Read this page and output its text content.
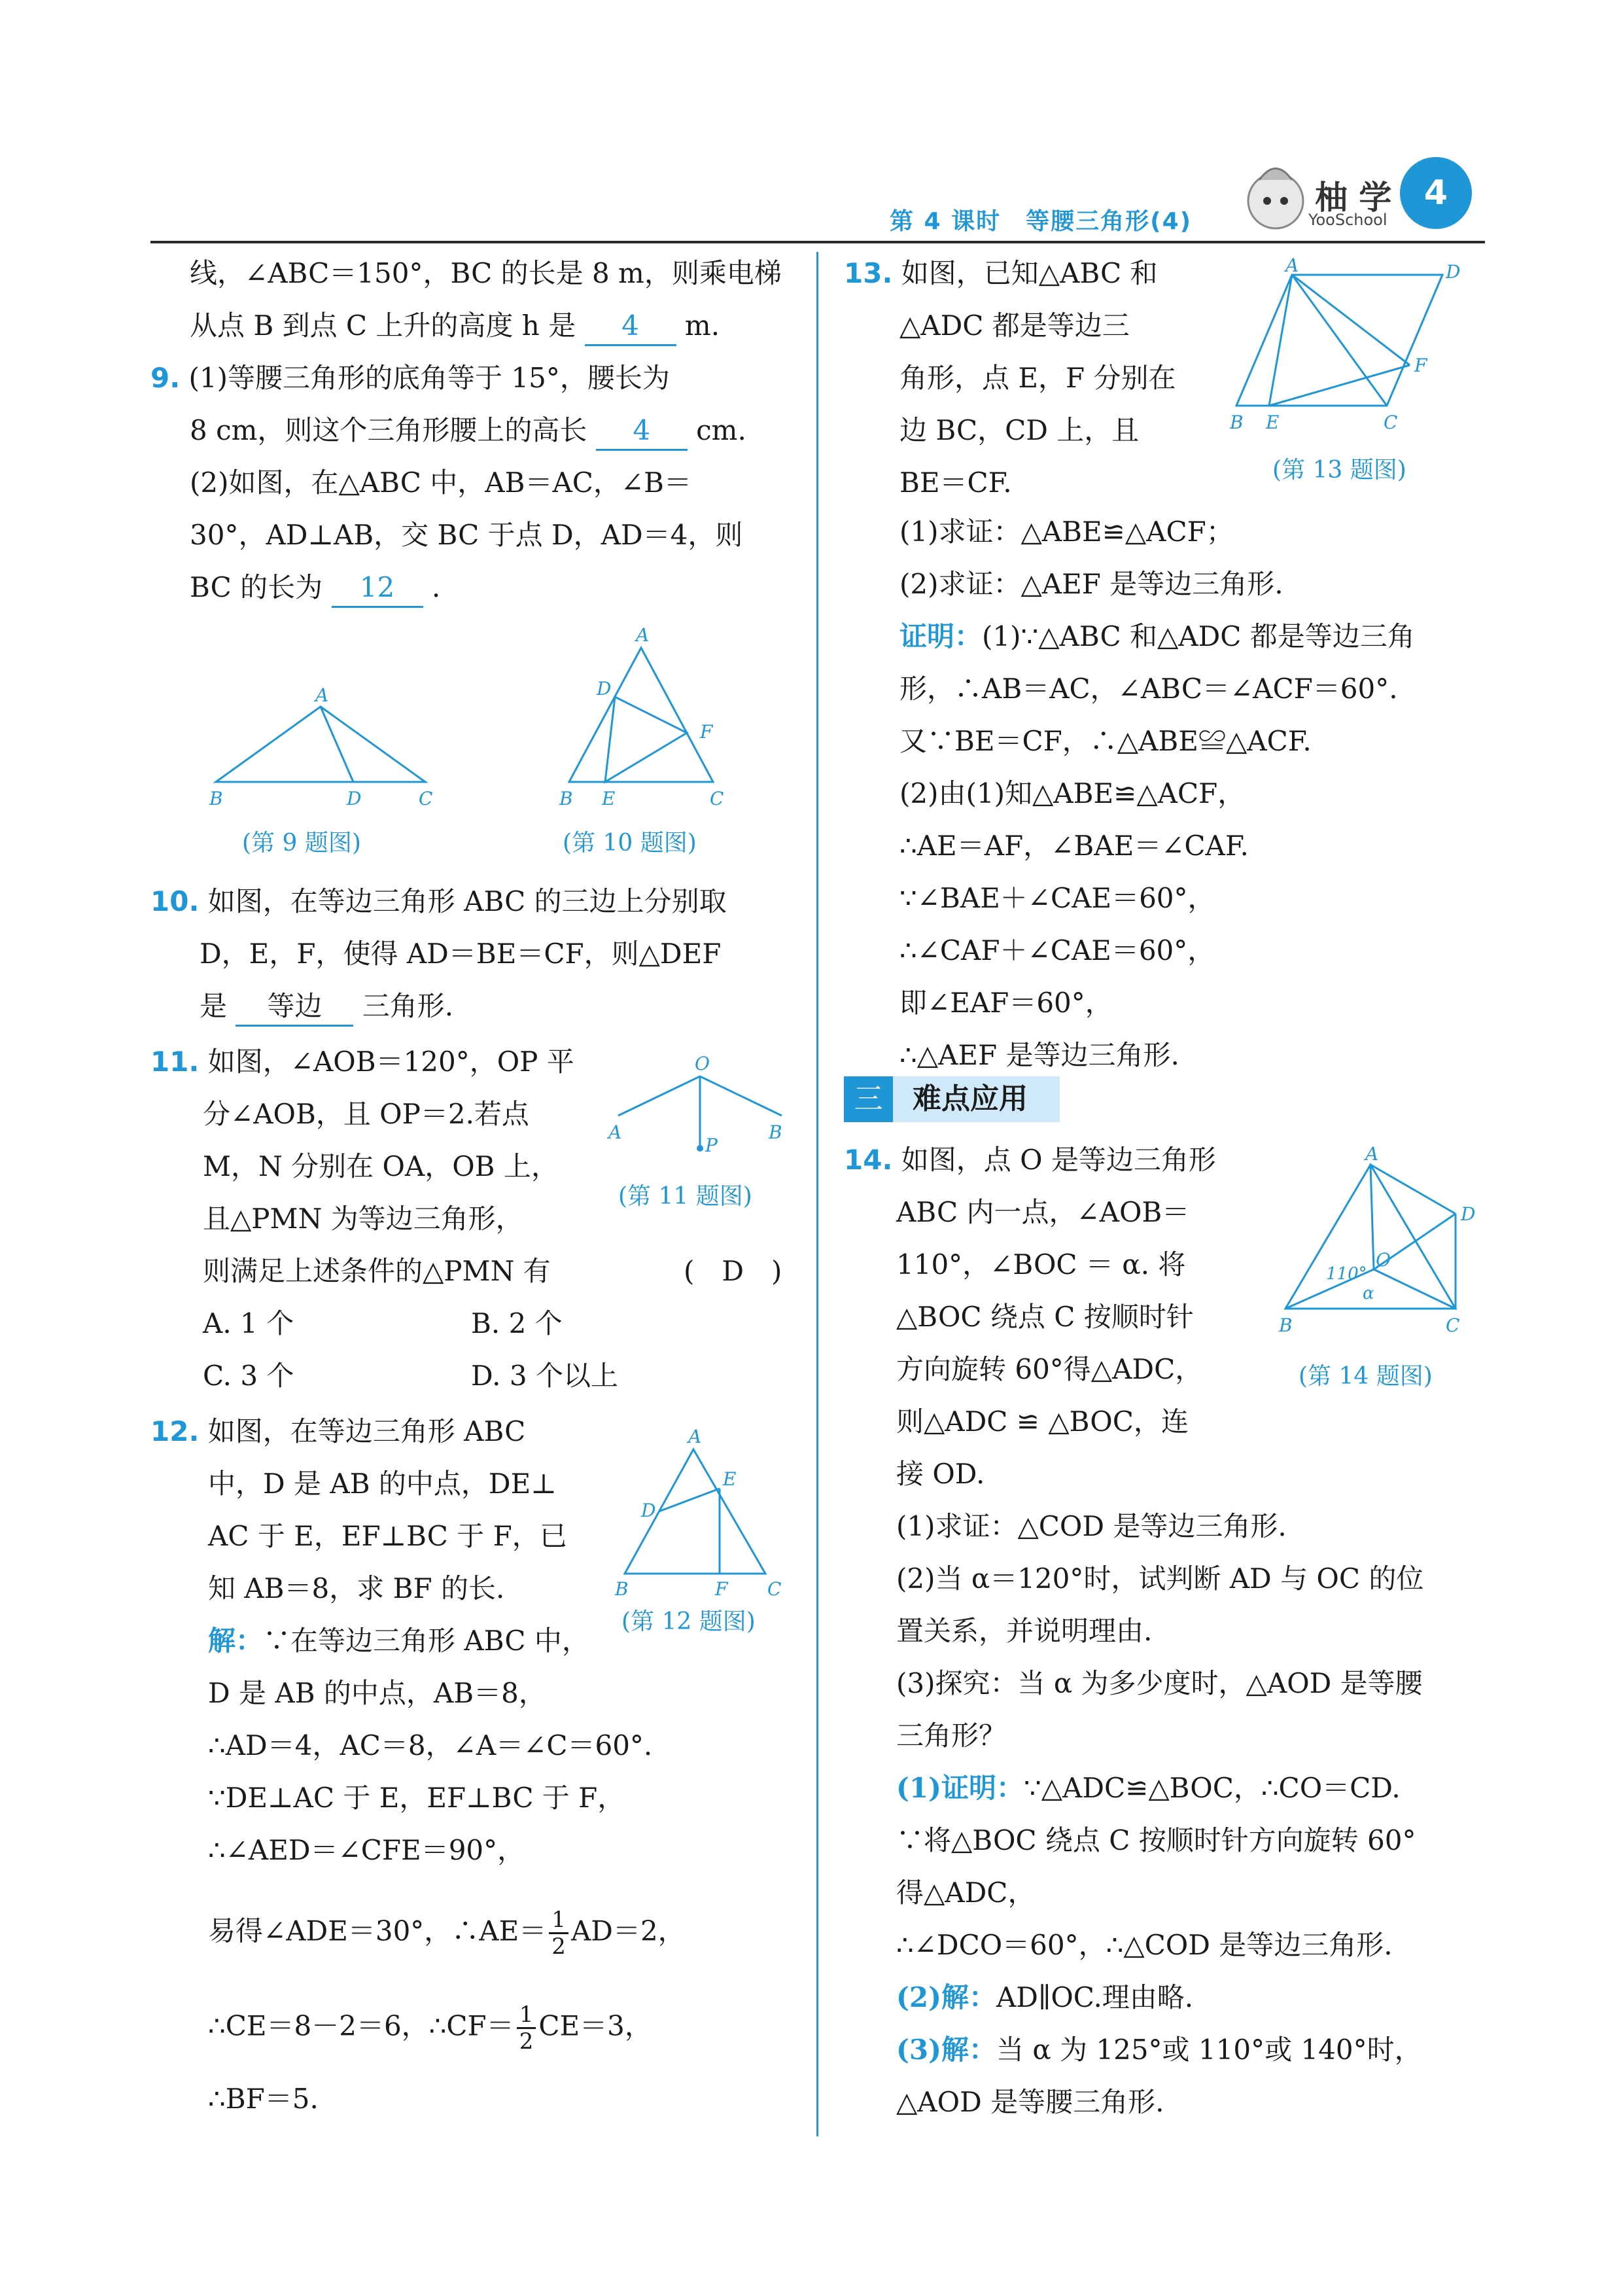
第 4 课时　等腰三角形(4)
柚 学
YooSchool
4
线，∠ABC＝150°，BC 的长是 8 m，则乘电梯
从点 B 到点 C 上升的高度 h 是 4 m.
9. (1)等腰三角形的底角等于 15°，腰长为
8 cm，则这个三角形腰上的高长 4 cm.
(2)如图，在△ABC 中，AB＝AC，∠B＝
30°，AD⊥AB，交 BC 于点 D，AD＝4，则
BC 的长为 12 .
A
B	D	C
(第 9 题图)
A
D
F
B E	C
(第 10 题图)
10. 如图，在等边三角形 ABC 的三边上分别取
D，E，F，使得 AD＝BE＝CF，则△DEF
是 等边 三角形.
11. 如图，∠AOB＝120°，OP 平
分∠AOB，且 OP＝2.若点
M，N 分别在 OA，OB 上，
且△PMN 为等边三角形，
则满足上述条件的△PMN 有	(　D　)
O
A	B
P
(第 11 题图)
A. 1 个	B. 2 个
C. 3 个	D. 3 个以上
12. 如图，在等边三角形 ABC
中，D 是 AB 的中点，DE⊥
AC 于 E，EF⊥BC 于 F，已
知 AB＝8，求 BF 的长.
A
E
D
B	F C
(第 12 题图)
解：∵在等边三角形 ABC 中，
D 是 AB 的中点，AB＝8，
∴AD＝4，AC＝8，∠A＝∠C＝60°.
∵DE⊥AC 于 E，EF⊥BC 于 F，
∴∠AED＝∠CFE＝90°，
易得∠ADE＝30°，∴AE＝ $\frac{1}{2} AD=2$，
∴CE＝8－2＝6，∴CF＝ $\frac{1}{2} CE=3$，
∴BF＝5.
13. 如图，已知△ABC 和
△ADC 都是等边三
角形，点 E，F 分别在
边 BC，CD 上，且
BE＝CF.
A	D
F
B E	C
(第 13 题图)
(1)求证：△ABE≌△ACF；
(2)求证：△AEF 是等边三角形.
证明：(1)∵△ABC 和△ADC 都是等边三角
形，∴AB＝AC，∠ABC＝∠ACF＝60°.
又∵BE＝CF，∴△ABE≌△ACF.
(2)由(1)知△ABE≌△ACF，
∴AE＝AF，∠BAE＝∠CAF.
∵∠BAE＋∠CAE＝60°，
∴∠CAF＋∠CAE＝60°，
即∠EAF＝60°，
∴△AEF 是等边三角形.
三	难点应用
14. 如图，点 O 是等边三角形
ABC 内一点，∠AOB＝
110°，∠BOC ＝ α. 将
△BOC 绕点 C 按顺时针
方向旋转 60°得△ADC，
则△ADC ≌ △BOC，连
接 OD.
A
D
O
110°
α
B	C
(第 14 题图)
(1)求证：△COD 是等边三角形.
(2)当 α＝120°时，试判断 AD 与 OC 的位
置关系，并说明理由.
(3)探究：当 α 为多少度时，△AOD 是等腰
三角形？
(1)证明：∵△ADC≌△BOC，∴CO＝CD.
∵将△BOC 绕点 C 按顺时针方向旋转 60°
得△ADC，
∴∠DCO＝60°，∴△COD 是等边三角形.
(2)解：AD∥OC.理由略.
(3)解：当 α 为 125°或 110°或 140°时，
△AOD 是等腰三角形.
